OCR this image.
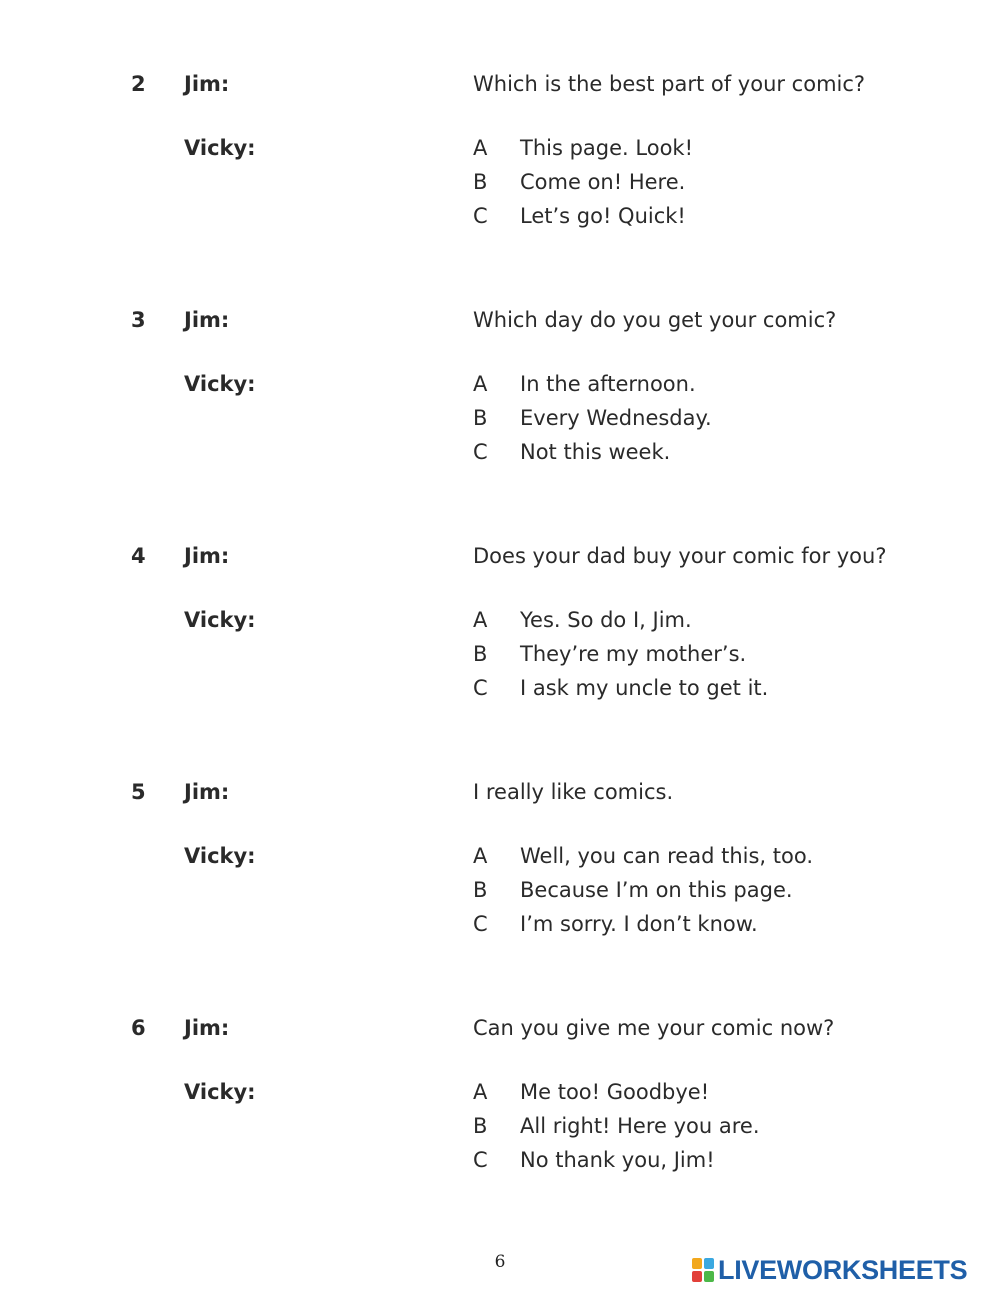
2 Jim:	Which is the best part of your comic?
Vicky:	A This page. Look!
B Come on! Here.
C Let’s go! Quick!
3 Jim:	Which day do you get your comic?
Vicky:	A In the afternoon.
B Every Wednesday.
C Not this week.
4 Jim:	Does your dad buy your comic for you?
Vicky:	A Yes. So do I, Jim.
B They’re my mother’s.
C I ask my uncle to get it.
5 Jim:	I really like comics.
Vicky:	A Well, you can read this, too.
B Because I’m on this page.
C I’m sorry. I don’t know.
6 Jim:	Can you give me your comic now?
Vicky:	A Me too! Goodbye!
B All right! Here you are.
C No thank you, Jim!
6	LIVEWORKSHEETS
